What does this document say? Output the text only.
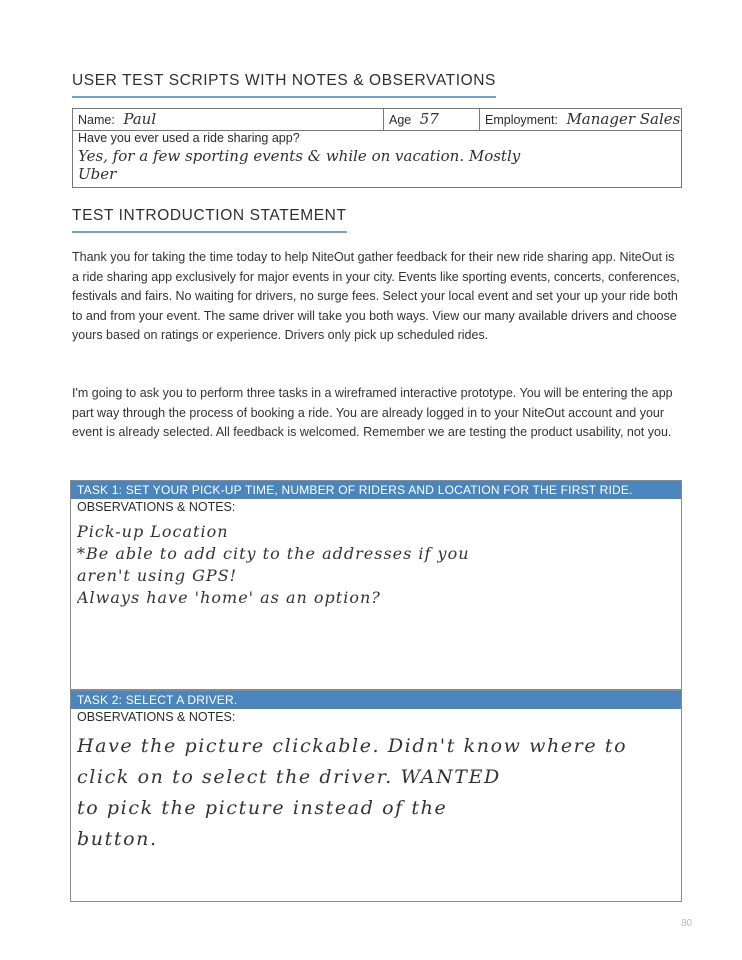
USER TEST SCRIPTS WITH NOTES & OBSERVATIONS
Name: Paul	Age 57	Employment: Manager Sales
Have you ever used a ride sharing app?
Yes, for a few sporting events & while on vacation. Mostly
Uber
TEST INTRODUCTION STATEMENT
Thank you for taking the time today to help NiteOut gather feedback for their new ride sharing app. NiteOut is a ride sharing app exclusively for major events in your city. Events like sporting events, concerts, conferences, festivals and fairs. No waiting for drivers, no surge fees. Select your local event and set your up your ride both to and from your event. The same driver will take you both ways. View our many available drivers and choose yours based on ratings or experience. Drivers only pick up scheduled rides.
I'm going to ask you to perform three tasks in a wireframed interactive prototype. You will be entering the app part way through the process of booking a ride. You are already logged in to your NiteOut account and your event is already selected. All feedback is welcomed. Remember we are testing the product usability, not you.
TASK 1: SET YOUR PICK-UP TIME, NUMBER OF RIDERS AND LOCATION FOR THE FIRST RIDE.
OBSERVATIONS & NOTES:
Pick-up Location
*Be able to add city to the addresses if you
aren't using GPS!
Always have 'home' as an option?
TASK 2: SELECT A DRIVER.
OBSERVATIONS & NOTES:
Have the picture clickable. Didn't know where to
click on to select the driver. WANTED
to pick the picture instead of the
button.
80
